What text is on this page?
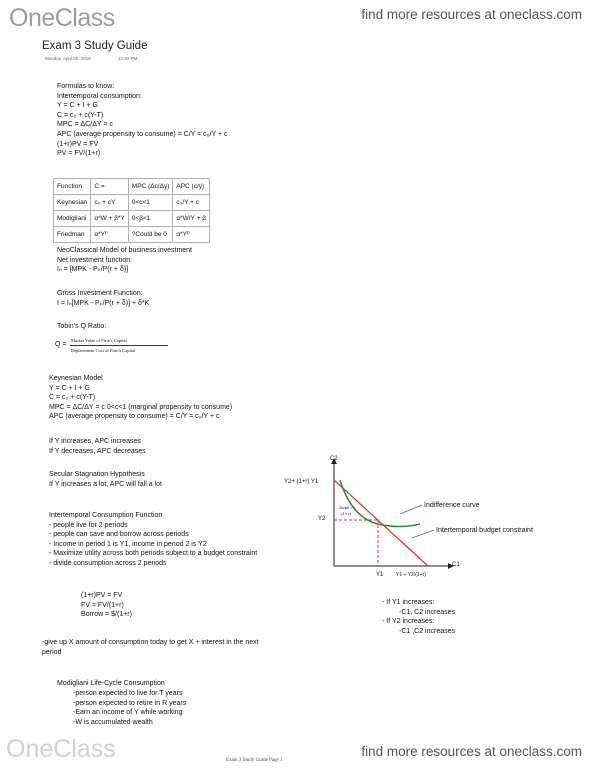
OneClass	find more resources at oneclass.com
Exam 3 Study Guide
Monday, April 25, 2016	12:22 PM
Formulas to know:
Intertemporal consumption:
Y = C + I + G
C = c₀ + c(Y-T)
MPC = ΔC/ΔY = c
APC (average propensity to consume) = C/Y = c₀/Y + c
(1+r)PV = FV
PV = FV/(1+r)
Function	C =	MPC (Δc/Δy)	APC (c/y)
Keynesian	c₀ + cY	0<c<1	c₀/Y + c
Modigliani	α*W + β*Y	0<β<1	α*W/Y + β
Friedman	α*Yᴾ	?Could be 0	α*Yᴾ
NeoClassical Model of business investment
Net investment function:
Iₙ = [MPK - Pₖ/P(r + δ)]
Gross Investment Function:
I = Iₙ[MPK - Pₖ/P(r + δ)] + δ*K
Tobin's Q Ratio:
Q =
Market Value of Firm's Capital
Replacement Cost of Firm's Capital
Keynesian Model
Y = C + I + G
C = c₀ + c(Y-T)
MPC = ΔC/ΔY = c 0<c<1 (marginal propensity to consume)
APC (average propensity to consume) = C/Y = c₀/Y + c
If Y increases, APC increases
If Y decreases, APC decreases
Secular Stagnation Hypothesis
If Y increases a lot, APC will fall a lot
Intertemporal Consumption Function
- people live for 2 periods
- people can save and borrow across periods
- Income in period 1 is Y1, income in period 2 is Y2
- Maximize utility across both periods subject to a budget constraint
- divide consumption across 2 periods
(1+r)PV = FV
FV = FV/(1+r)
Borrow = $/(1+r)
-give up X amount of consumption today to get X + interest in the next
period
Modigliani Life-Cycle Consumption
-person expected to live for T years
-person expected to retire in R years
-Earn an income of Y while working
-W is accumulated wealth
- If Y1 increases:
-C1, C2 increases
- If Y2 increases:
-C1 ,C2 increases
C2
Y2+ (1+r) Y1
Y2
Slope =
-(1+ r)
Y1	Y1 + Y2/(1+r)
C1
Indifference curve
Intertemporal budget constraint
OneClass	find more resources at oneclass.com
Exam 3 Study Guide Page 1
